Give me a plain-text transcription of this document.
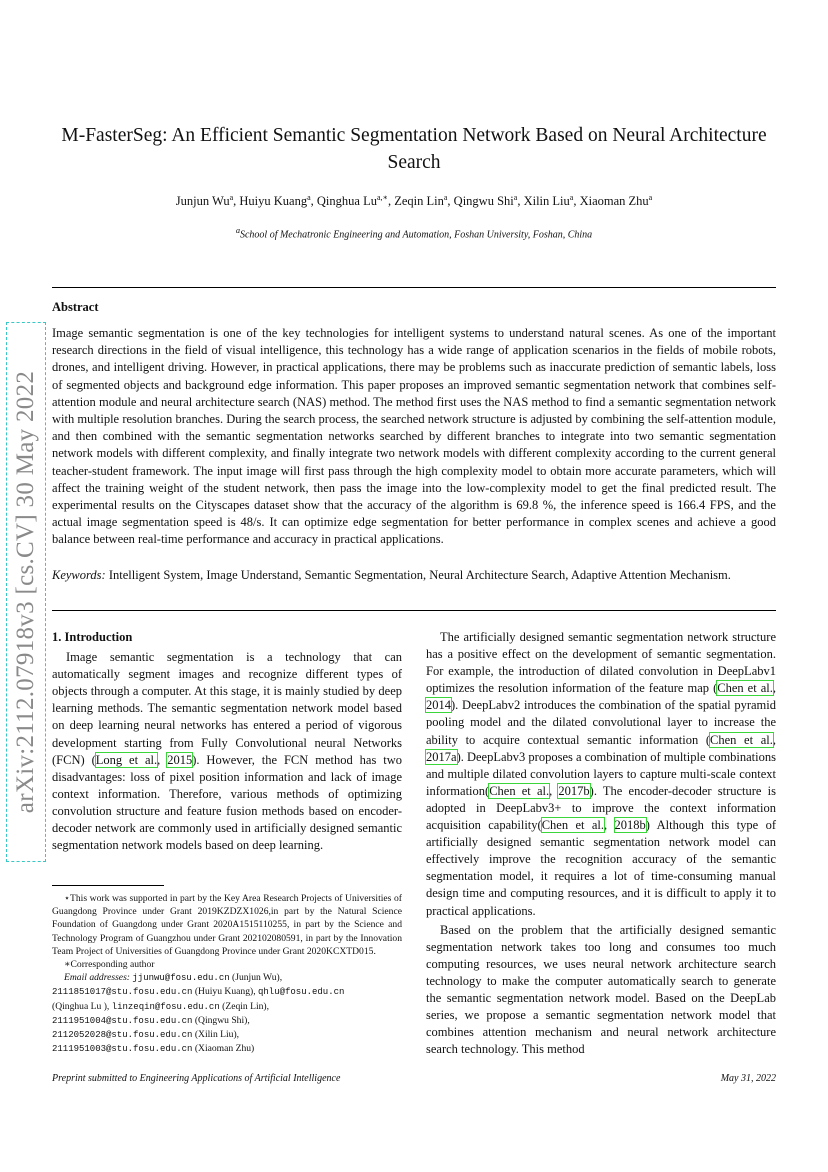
arXiv:2112.07918v3 [cs.CV] 30 May 2022
M-FasterSeg: An Efficient Semantic Segmentation Network Based on Neural Architecture Search
Junjun Wu$^a$, Huiyu Kuang$^a$, Qinghua $Lu^{a,∗}$, Zeqin Lin$^a$, Qingwu Shi$^a$, Xilin Liu$^a$, Xiaoman Zhu$^a$
$^a$School of Mechatronic Engineering and Automation, Foshan University, Foshan, China
Abstract
Image semantic segmentation is one of the key technologies for intelligent systems to understand natural scenes. As one of the important research directions in the field of visual intelligence, this technology has a wide range of application scenarios in the fields of mobile robots, drones, and intelligent driving. However, in practical applications, there may be problems such as inaccurate prediction of semantic labels, loss of segmented objects and background edge information. This paper proposes an improved semantic segmentation network that combines self-attention module and neural architecture search (NAS) method. The method first uses the NAS method to find a semantic segmentation network with multiple resolution branches. During the search process, the searched network structure is adjusted by combining the self-attention module, and then combined with the semantic segmentation networks searched by different branches to integrate into two semantic segmentation network models with different complexity, and finally integrate two network models with different complexity according to the current general teacher-student framework. The input image will first pass through the high complexity model to obtain more accurate parameters, which will affect the training weight of the student network, then pass the image into the low-complexity model to get the final predicted result. The experimental results on the Cityscapes dataset show that the accuracy of the algorithm is 69.8 %, the inference speed is 166.4 FPS, and the actual image segmentation speed is 48/s. It can optimize edge segmentation for better performance in complex scenes and achieve a good balance between real-time performance and accuracy in practical applications.
Keywords: Intelligent System, Image Understand, Semantic Segmentation, Neural Architecture Search, Adaptive Attention Mechanism.
1. Introduction

Image semantic segmentation is a technology that can automatically segment images and recognize different types of objects through a computer. At this stage, it is mainly studied by deep learning methods. The semantic segmentation network model based on deep learning neural networks has entered a period of vigorous development starting from Fully Convolutional neural Networks (FCN) (Long et al., 2015). However, the FCN method has two disadvantages: loss of pixel position information and lack of image context information. Therefore, various methods of optimizing convolution structure and feature fusion methods based on encoder-decoder network are commonly used in artificially designed semantic segmentation network models based on deep learning.

The artificially designed semantic segmentation network structure has a positive effect on the development of semantic segmentation. For example, the introduction of dilated convolution in DeepLabv1 optimizes the resolution information of the feature map (Chen et al., 2014). DeepLabv2 introduces the combination of the spatial pyramid pooling model and the dilated convolutional layer to increase the ability to acquire contextual semantic information (Chen et al., 2017a). DeepLabv3 proposes a combination of multiple combinations and multiple dilated convolution layers to capture multi-scale context information(Chen et al., 2017b). The encoder-decoder structure is adopted in DeepLabv3+ to improve the context information acquisition capability(Chen et al., 2018b) Although this type of artificially designed semantic segmentation network model can effectively improve the recognition accuracy of the semantic segmentation model, it requires a lot of time-consuming manual design time and computing resources, and it is difficult to apply it to practical applications.

Based on the problem that the artificially designed semantic segmentation network takes too long and consumes too much computing resources, we uses neural network architecture search technology to make the computer automatically search to generate the semantic segmentation network model. Based on the DeepLab series, we propose a semantic segmentation network model that combines attention mechanism and neural network architecture search technology. This method

⋆This work was supported in part by the Key Area Research Projects of Universities of Guangdong Province under Grant 2019KZDZX1026,in part by the Natural Science Foundation of Guangdong under Grant 2020A1515110255, in part by the Science and Technology Program of Guangzhou under Grant 202102080591, in part by the Innovation Team Project of Universities of Guangdong Province under Grant 2020KCXTD015.

∗Corresponding author

Email addresses: jjunwu@fosu.edu.cn (Junjun Wu),

2111851017@stu.fosu.edu.cn (Huiyu Kuang), qhlu@fosu.edu.cn

(Qinghua Lu ), linzeqin@fosu.edu.cn (Zeqin Lin),

2111951004@stu.fosu.edu.cn (Qingwu Shi),

2112052028@stu.fosu.edu.cn (Xilin Liu),

2111951003@stu.fosu.edu.cn (Xiaoman Zhu)

Preprint submitted to Engineering Applications of Artificial Intelligence	May 31, 2022
